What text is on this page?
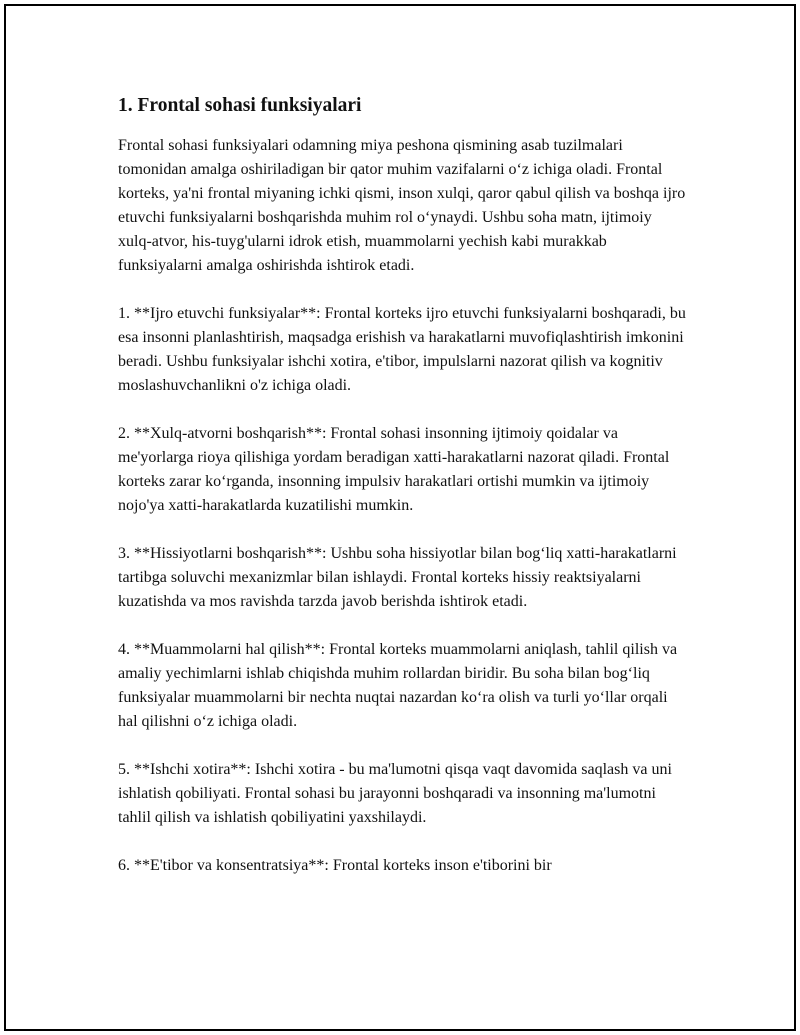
1. Frontal sohasi funksiyalari

Frontal sohasi funksiyalari odamning miya peshona qismining asab tuzilmalari tomonidan amalga oshiriladigan bir qator muhim vazifalarni o‘z ichiga oladi. Frontal korteks, ya'ni frontal miyaning ichki qismi, inson xulqi, qaror qabul qilish va boshqa ijro etuvchi funksiyalarni boshqarishda muhim rol o‘ynaydi. Ushbu soha matn, ijtimoiy xulq-atvor, his-tuyg'ularni idrok etish, muammolarni yechish kabi murakkab funksiyalarni amalga oshirishda ishtirok etadi.

1. **Ijro etuvchi funksiyalar**: Frontal korteks ijro etuvchi funksiyalarni boshqaradi, bu esa insonni planlashtirish, maqsadga erishish va harakatlarni muvofiqlashtirish imkonini beradi. Ushbu funksiyalar ishchi xotira, e'tibor, impulslarni nazorat qilish va kognitiv moslashuvchanlikni o'z ichiga oladi.

2. **Xulq-atvorni boshqarish**: Frontal sohasi insonning ijtimoiy qoidalar va me'yorlarga rioya qilishiga yordam beradigan xatti-harakatlarni nazorat qiladi. Frontal korteks zarar ko‘rganda, insonning impulsiv harakatlari ortishi mumkin va ijtimoiy nojo'ya xatti-harakatlarda kuzatilishi mumkin.

3. **Hissiyotlarni boshqarish**: Ushbu soha hissiyotlar bilan bog‘liq xatti-harakatlarni tartibga soluvchi mexanizmlar bilan ishlaydi. Frontal korteks hissiy reaktsiyalarni kuzatishda va mos ravishda tarzda javob berishda ishtirok etadi.

4. **Muammolarni hal qilish**: Frontal korteks muammolarni aniqlash, tahlil qilish va amaliy yechimlarni ishlab chiqishda muhim rollardan biridir. Bu soha bilan bog‘liq funksiyalar muammolarni bir nechta nuqtai nazardan ko‘ra olish va turli yo‘llar orqali hal qilishni o‘z ichiga oladi.

5. **Ishchi xotira**: Ishchi xotira - bu ma'lumotni qisqa vaqt davomida saqlash va uni ishlatish qobiliyati. Frontal sohasi bu jarayonni boshqaradi va insonning ma'lumotni tahlil qilish va ishlatish qobiliyatini yaxshilaydi.

6. **E'tibor va konsentratsiya**: Frontal korteks inson e'tiborini bir
